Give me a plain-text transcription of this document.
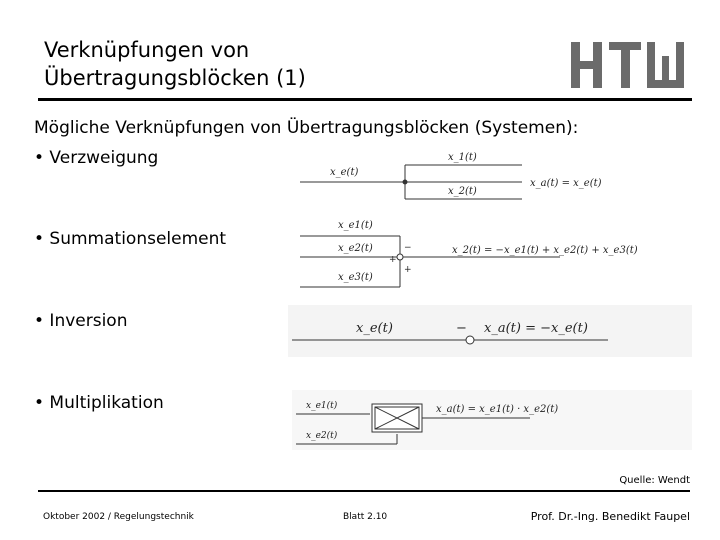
Verknüpfungen von
Übertragungsblöcken (1)
Mögliche Verknüpfungen von Übertragungsblöcken (Systemen):
• Verzweigung
• Summationselement
• Inversion
• Multiplikation
x_e(t)
x_1(t)
x_2(t)
x_a(t) = x_e(t)
x_e1(t)
x_e2(t)
x_e3(t)
−
+
+
x_2(t) = −x_e1(t) + x_e2(t) + x_e3(t)
x_e(t)	− x_a(t) = −x_e(t)
x_e1(t)
x_e2(t)
x_a(t) = x_e1(t) · x_e2(t)
Quelle: Wendt
Oktober 2002 / Regelungstechnik	Blatt 2.10	Prof. Dr.-Ing. Benedikt Faupel
